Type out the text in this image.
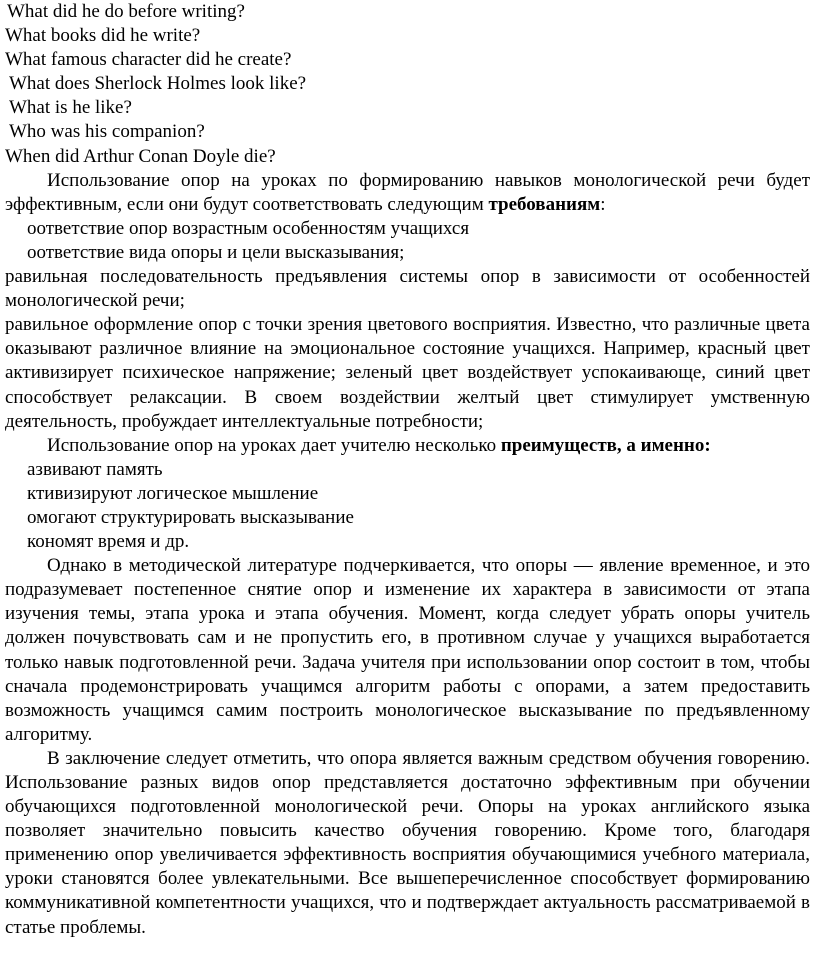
What did he do before writing?

What books did he write?

What famous character did he create?

What does Sherlock Holmes look like?

What is he like?

Who was his companion?

When did Arthur Conan Doyle die?

Использование опор на уроках по формированию навыков монологической речи будет эффективным, если они будут соответствовать следующим требованиям:

оответствие опор возрастным особенностям учащихся

оответствие вида опоры и цели высказывания;

равильная последовательность предъявления системы опор в зависимости от особенностей монологической речи;

равильное оформление опор с точки зрения цветового восприятия. Известно, что различные цвета оказывают различное влияние на эмоциональное состояние учащихся. Например, красный цвет активизирует психическое напряжение; зеленый цвет воздействует успокаивающе, синий цвет способствует релаксации. В своем воздействии желтый цвет стимулирует умственную деятельность, пробуждает интеллектуальные потребности;

Использование опор на уроках дает учителю несколько преимуществ, а именно:

азвивают память

ктивизируют логическое мышление

омогают структурировать высказывание

кономят время и др.

Однако в методической литературе подчеркивается, что опоры — явление временное, и это подразумевает постепенное снятие опор и изменение их характера в зависимости от этапа изучения темы, этапа урока и этапа обучения. Момент, когда следует убрать опоры учитель должен почувствовать сам и не пропустить его, в противном случае у учащихся выработается только навык подготовленной речи. Задача учителя при использовании опор состоит в том, чтобы сначала продемонстрировать учащимся алгоритм работы с опорами, а затем предоставить возможность учащимся самим построить монологическое высказывание по предъявленному алгоритму.

В заключение следует отметить, что опора является важным средством обучения говорению. Использование разных видов опор представляется достаточно эффективным при обучении обучающихся подготовленной монологической речи. Опоры на уроках английского языка позволяет значительно повысить качество обучения говорению. Кроме того, благодаря применению опор увеличивается эффективность восприятия обучающимися учебного материала, уроки становятся более увлекательными. Все вышеперечисленное способствует формированию коммуникативной компетентности учащихся, что и подтверждает актуальность рассматриваемой в статье проблемы.
